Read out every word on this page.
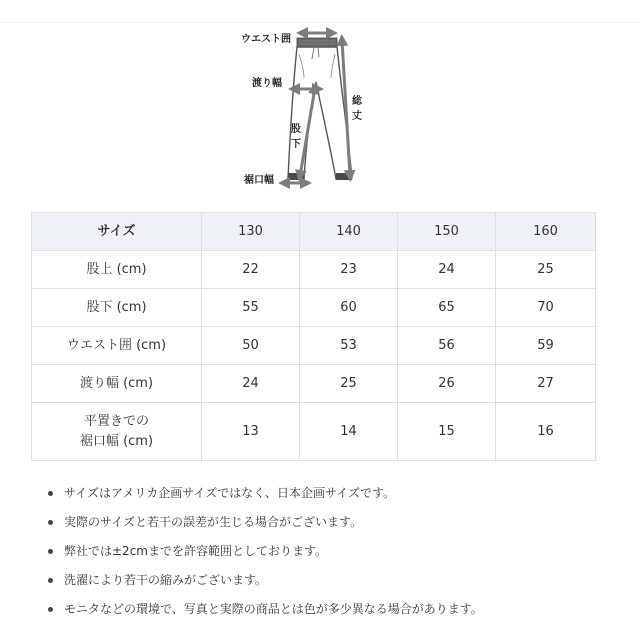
ウエスト囲
渡り幅
股
下
裾口幅
総
丈
サイズ	130	140	150	160
股上 (cm)	22	23	24	25
股下 (cm)	55	60	65	70
ウエスト囲 (cm)	50	53	56	59
渡り幅 (cm)	24	25	26	27
平置きでの
裾口幅 (cm)	13	14	15	16
サイズはアメリカ企画サイズではなく、日本企画サイズです。
実際のサイズと若干の誤差が生じる場合がございます。
弊社では±2cmまでを許容範囲としております。
洗濯により若干の縮みがございます。
モニタなどの環境で、写真と実際の商品とは色が多少異なる場合があります。
